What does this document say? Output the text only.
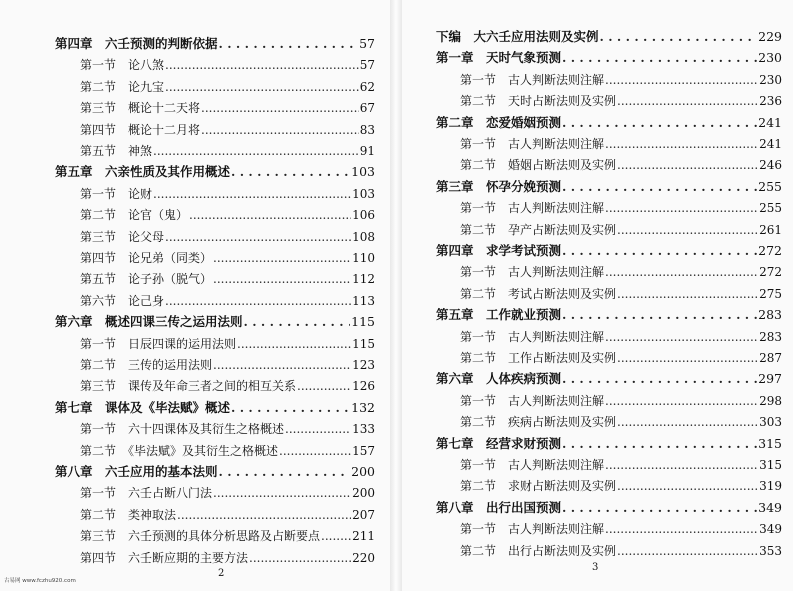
第四章　六壬预测的判断依据 . . .	57
第一节　论八煞 .....	57
第二节　论九宝 .....	62
第三节　概论十二天将 .....	67
第四节　概论十二月将 .....	83
第五节　神煞 .....	91
第五章　六亲性质及其作用概述 . . .	103
第一节　论财 .....	103
第二节　论官（鬼） .....	106
第三节　论父母 .....	108
第四节　论兄弟（同类） .....	110
第五节　论子孙（脱气） .....	112
第六节　论己身 .....	113
第六章　概述四课三传之运用法则 . . .	115
第一节　日辰四课的运用法则 .....	115
第二节　三传的运用法则 .....	123
第三节　课传及年命三者之间的相互关系 .....	126
第七章　课体及《毕法赋》概述 . . .	132
第一节　六十四课体及其衍生之格概述 .....	133
第二节　《毕法赋》及其衍生之格概述 .....	157
第八章　六壬应用的基本法则 . . .	200
第一节　六壬占断八门法 .....	200
第二节　类神取法 .....	207
第三节　六壬预测的具体分析思路及占断要点 .....	211
第四节　六壬断应期的主要方法 .....	220
2
下编　大六壬应用法则及实例 . . .	229
第一章　天时气象预测 . . .	230
第一节　古人判断法则注解 .....	230
第二节　天时占断法则及实例 .....	236
第二章　恋爱婚姻预测 . . .	241
第一节　古人判断法则注解 .....	241
第二节　婚姻占断法则及实例 .....	246
第三章　怀孕分娩预测 . . .	255
第一节　古人判断法则注解 .....	255
第二节　孕产占断法则及实例 .....	261
第四章　求学考试预测 . . .	272
第一节　古人判断法则注解 .....	272
第二节　考试占断法则及实例 .....	275
第五章　工作就业预测 . . .	283
第一节　古人判断法则注解 .....	283
第二节　工作占断法则及实例 .....	287
第六章　人体疾病预测 . . .	297
第一节　古人判断法则注解 .....	298
第二节　疾病占断法则及实例 .....	303
第七章　经营求财预测 . . .	315
第一节　古人判断法则注解 .....	315
第二节　求财占断法则及实例 .....	319
第八章　出行出国预测 . . .	349
第一节　古人判断法则注解 .....	349
第二节　出行占断法则及实例 .....	353
3
古易网 www.fczhu920.com
